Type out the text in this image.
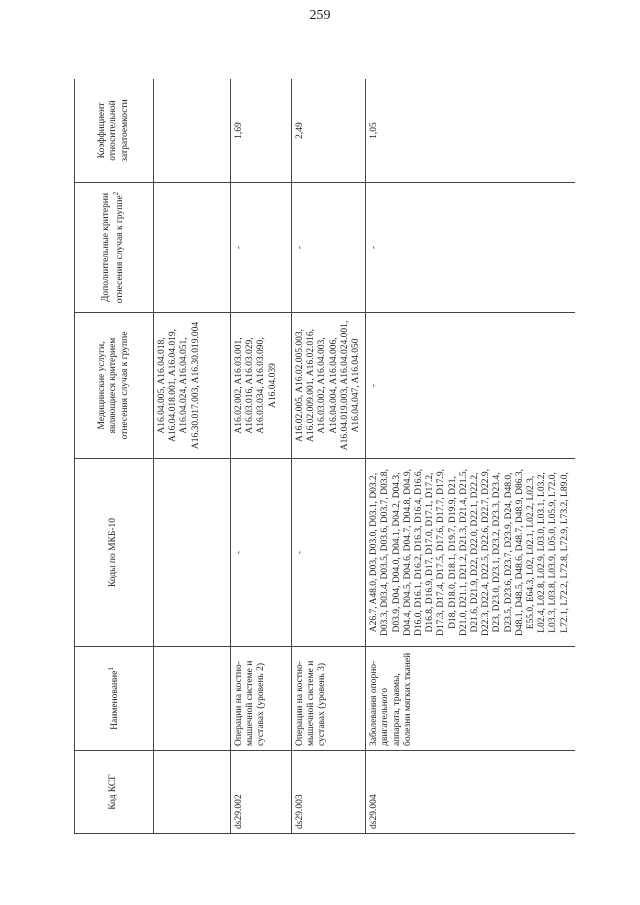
259
Код КСГ	Наименование$^1$	Коды по МКБ-10	Медицинские услуги, являющиеся критерием отнесения случая к группе	Дополнительные критерии отнесения случая к группе$^2$	Коэффициент относительной затратоемкости
			A16.04.005, A16.04.018, A16.04.018.001, A16.04.019, A16.04.024, A16.04.051, A16.30.017.003, A16.30.019.004		
ds29.002	Операции на костно-мышечной системе и суставах (уровень 2)	-	A16.02.002, A16.03.001, A16.03.016, A16.03.029, A16.03.034, A16.03.090, A16.04.039	-	1,69
ds29.003	Операции на костно-мышечной системе и суставах (уровень 3)	-	A16.02.005, A16.02.005.003, A16.02.009.001, A16.02.016, A16.03.002, A16.04.003, A16.04.004, A16.04.006, A16.04.019.003, A16.04.024.001, A16.04.047, A16.04.050	-	2,49
ds29.004	Заболевания опорно-двигательного аппарата, травмы, болезни мягких тканей	A26.7, A48.0, D03, D03.0, D03.1, D03.2, D03.3, D03.4, D03.5, D03.6, D03.7, D03.8, D03.9, D04, D04.0, D04.1, D04.2, D04.3, D04.4, D04.5, D04.6, D04.7, D04.8, D04.9, D16.0, D16.1, D16.2, D16.3, D16.4, D16.6, D16.8, D16.9, D17, D17.0, D17.1, D17.2, D17.3, D17.4, D17.5, D17.6, D17.7, D17.9, D18, D18.0, D18.1, D19.7, D19.9, D21, D21.0, D21.1, D21.2, D21.3, D21.4, D21.5, D21.6, D21.9, D22, D22.0, D22.1, D22.2, D22.3, D22.4, D22.5, D22.6, D22.7, D22.9, D23, D23.0, D23.1, D23.2, D23.3, D23.4, D23.5, D23.6, D23.7, D23.9, D24, D48.0, D48.1, D48.5, D48.6, D48.7, D48.9, D86.3, E55.0, E64.3, L02, L02.1, L02.2, L02.3, L02.4, L02.8, L02.9, L03.0, L03.1, L03.2, L03.3, L03.8, L03.9, L05.0, L05.9, L72.0, L72.1, L72.2, L72.8, L72.9, L73.2, L89.0,	-	-	1,05
